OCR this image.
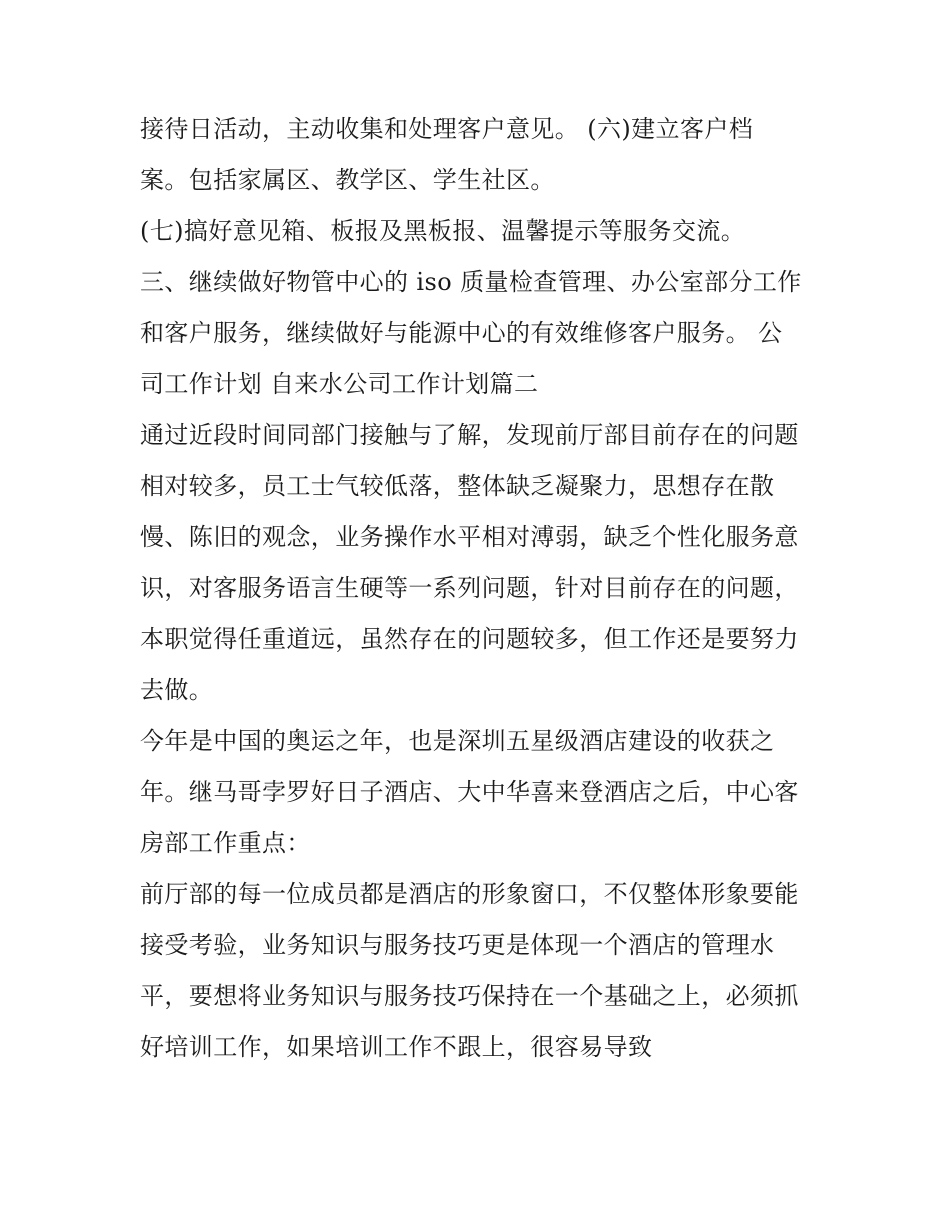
接待日活动，主动收集和处理客户意见。 (六)建立客户档
案。包括家属区、教学区、学生社区。
(七)搞好意见箱、板报及黑板报、温馨提示等服务交流。
三、继续做好物管中心的 iso 质量检查管理、办公室部分工作
和客户服务，继续做好与能源中心的有效维修客户服务。 公
司工作计划 自来水公司工作计划篇二
通过近段时间同部门接触与了解，发现前厅部目前存在的问题
相对较多，员工士气较低落，整体缺乏凝聚力，思想存在散
慢、陈旧的观念，业务操作水平相对溥弱，缺乏个性化服务意
识，对客服务语言生硬等一系列问题，针对目前存在的问题，
本职觉得任重道远，虽然存在的问题较多，但工作还是要努力
去做。
今年是中国的奥运之年，也是深圳五星级酒店建设的收获之
年。继马哥孛罗好日子酒店、大中华喜来登酒店之后，中心客
房部工作重点：
前厅部的每一位成员都是酒店的形象窗口，不仅整体形象要能
接受考验，业务知识与服务技巧更是体现一个酒店的管理水
平，要想将业务知识与服务技巧保持在一个基础之上，必须抓
好培训工作，如果培训工作不跟上，很容易导致
